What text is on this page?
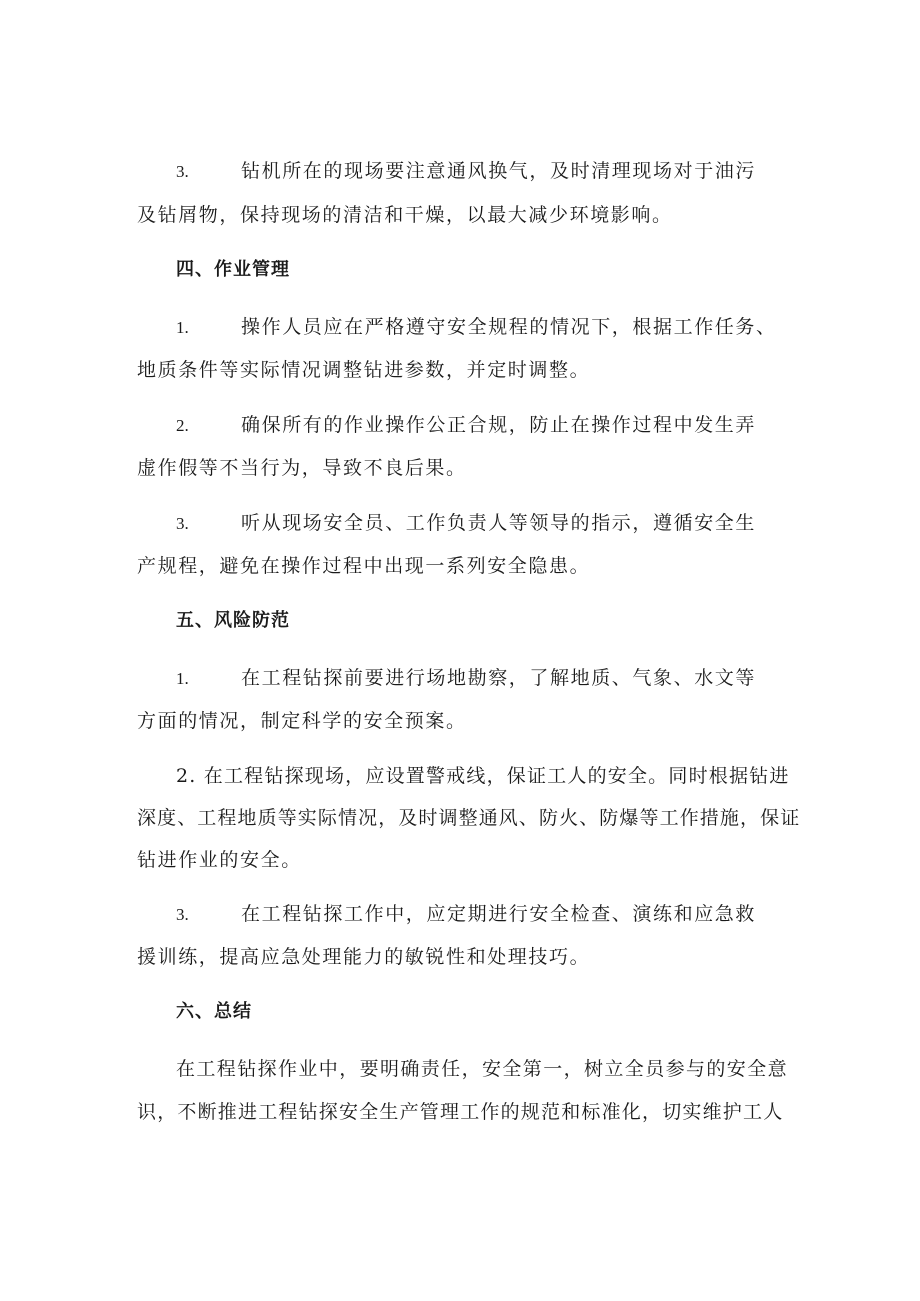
3.	钻机所在的现场要注意通风换气，及时清理现场对于油污
及钻屑物，保持现场的清洁和干燥，以最大减少环境影响。
四、作业管理
1.	操作人员应在严格遵守安全规程的情况下，根据工作任务、
地质条件等实际情况调整钻进参数，并定时调整。
2.	确保所有的作业操作公正合规，防止在操作过程中发生弄
虚作假等不当行为，导致不良后果。
3.	听从现场安全员、工作负责人等领导的指示，遵循安全生
产规程，避免在操作过程中出现一系列安全隐患。
五、风险防范
1.	在工程钻探前要进行场地勘察，了解地质、气象、水文等
方面的情况，制定科学的安全预案。
2. 在工程钻探现场，应设置警戒线，保证工人的安全。同时根据钻进
深度、工程地质等实际情况，及时调整通风、防火、防爆等工作措施，保证
钻进作业的安全。
3.	在工程钻探工作中，应定期进行安全检查、演练和应急救
援训练，提高应急处理能力的敏锐性和处理技巧。
六、总结
在工程钻探作业中，要明确责任，安全第一，树立全员参与的安全意
识，不断推进工程钻探安全生产管理工作的规范和标准化，切实维护工人
